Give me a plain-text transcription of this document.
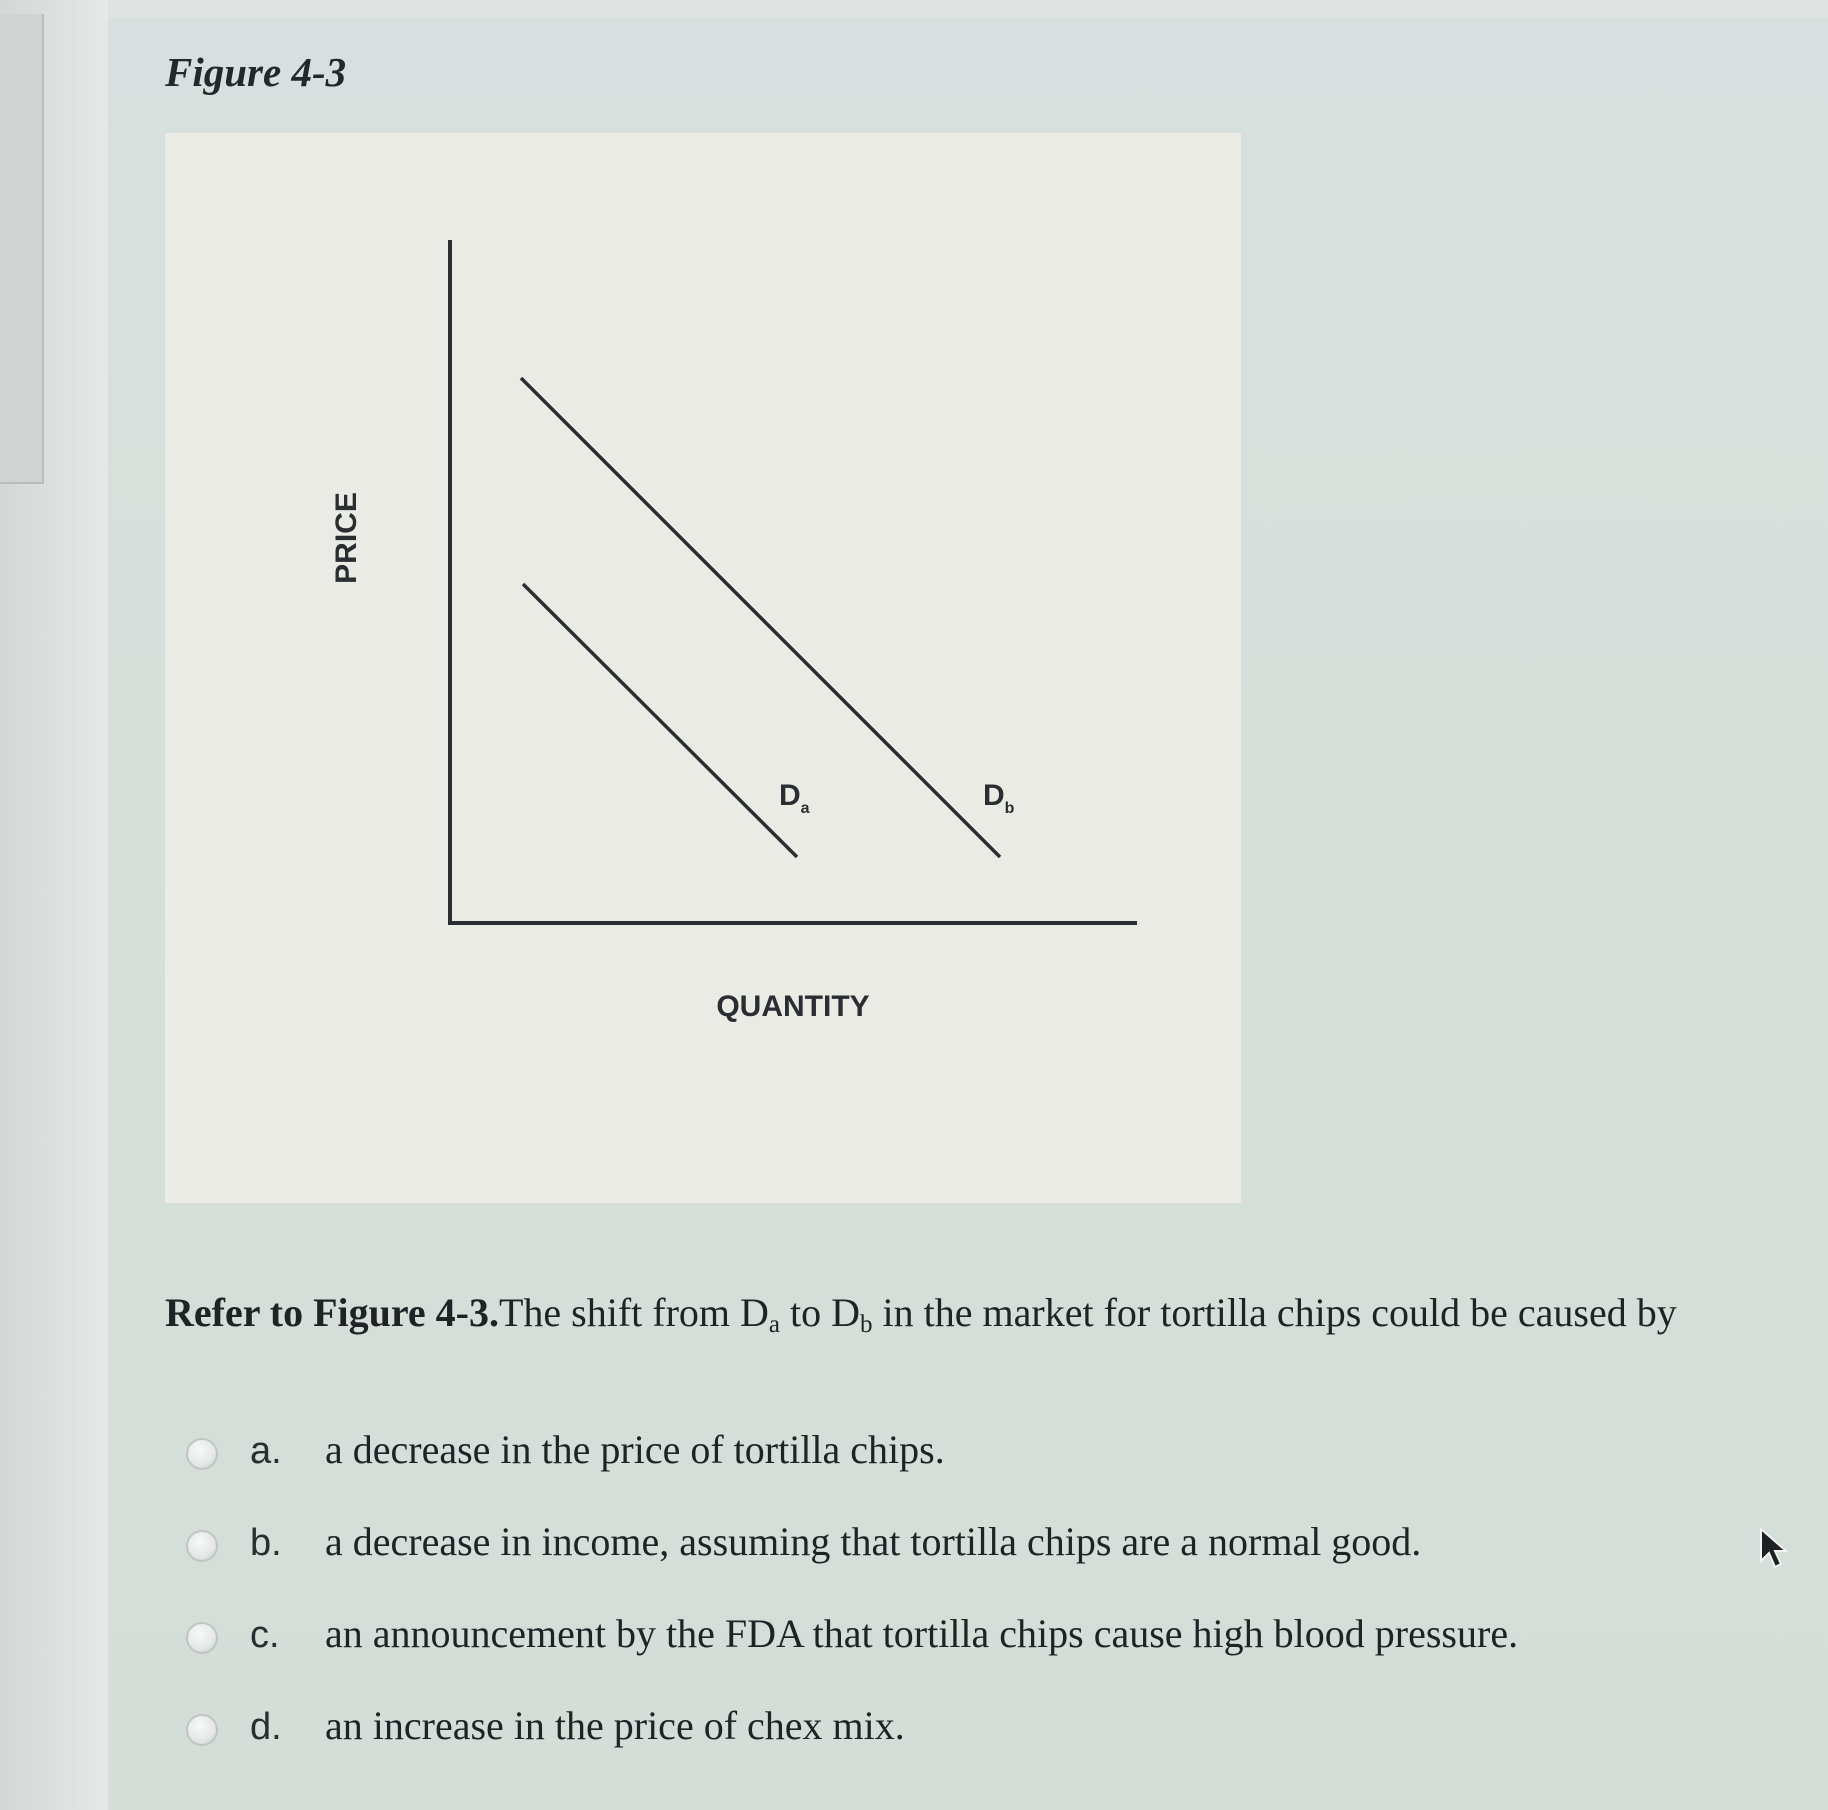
Figure 4-3
$D_a$	$D_b$
PRICE
QUANTITY

Refer to Figure 4-3.The shift from $D_a$ to $D_b$ in the market for tortilla chips could be caused by

a. a decrease in the price of tortilla chips.
b. a decrease in income, assuming that tortilla chips are a normal good.
c. an announcement by the FDA that tortilla chips cause high blood pressure.
d. an increase in the price of chex mix.
